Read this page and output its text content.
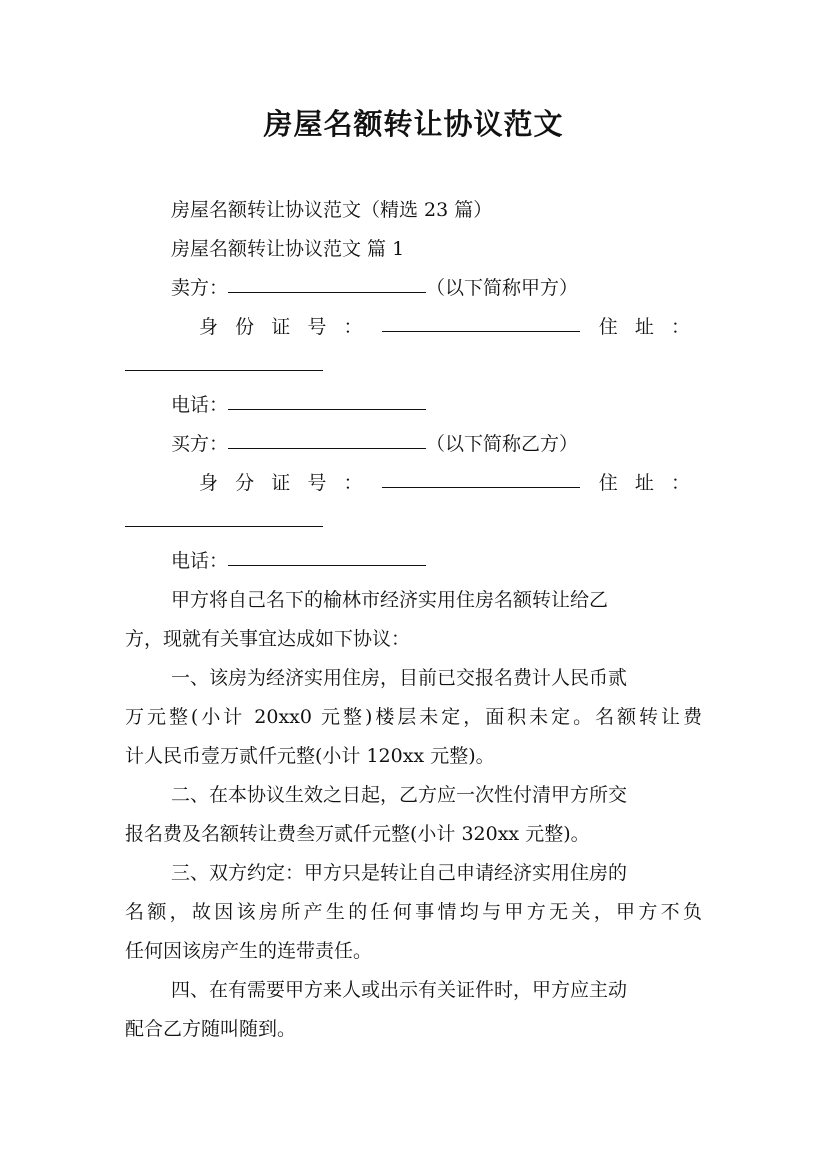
房屋名额转让协议范文
房屋名额转让协议范文（精选 23 篇）
房屋名额转让协议范文 篇 1
卖方：	（以下简称甲方）
身 份 证 号 ：	住 址 ：
电话：
买方：	（以下简称乙方）
身 分 证 号 ：	住 址 ：
电话：
甲方将自己名下的榆林市经济实用住房名额转让给乙
方，现就有关事宜达成如下协议：
一、该房为经济实用住房，目前已交报名费计人民币贰
万元整(小计 20xx0 元整)楼层未定，面积未定。名额转让费
计人民币壹万贰仟元整(小计 120xx 元整)。
二、在本协议生效之日起，乙方应一次性付清甲方所交
报名费及名额转让费叁万贰仟元整(小计 320xx 元整)。
三、双方约定：甲方只是转让自己申请经济实用住房的
名额，故因该房所产生的任何事情均与甲方无关，甲方不负
任何因该房产生的连带责任。
四、在有需要甲方来人或出示有关证件时，甲方应主动
配合乙方随叫随到。
